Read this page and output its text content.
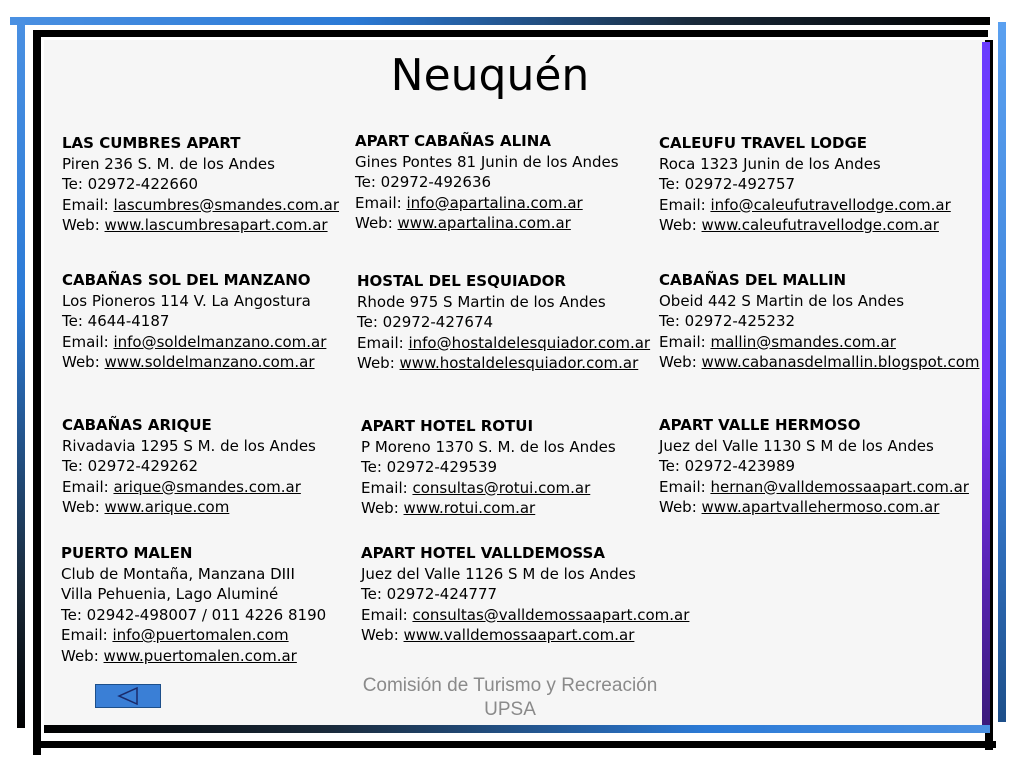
Neuquén
LAS CUMBRES APART
Piren 236 S. M. de los Andes
Te: 02972-422660
Email: lascumbres@smandes.com.ar
Web: www.lascumbresapart.com.ar
APART CABAÑAS ALINA
Gines Pontes 81 Junin de los Andes
Te: 02972-492636
Email: info@apartalina.com.ar
Web: www.apartalina.com.ar
CALEUFU TRAVEL LODGE
Roca 1323 Junin de los Andes
Te: 02972-492757
Email: info@caleufutravellodge.com.ar
Web: www.caleufutravellodge.com.ar
CABAÑAS SOL DEL MANZANO
Los Pioneros 114 V. La Angostura
Te: 4644-4187
Email: info@soldelmanzano.com.ar
Web: www.soldelmanzano.com.ar
HOSTAL DEL ESQUIADOR
Rhode 975 S Martin de los Andes
Te: 02972-427674
Email: info@hostaldelesquiador.com.ar
Web: www.hostaldelesquiador.com.ar
CABAÑAS DEL MALLIN
Obeid 442 S Martin de los Andes
Te: 02972-425232
Email: mallin@smandes.com.ar
Web: www.cabanasdelmallin.blogspot.com
CABAÑAS ARIQUE
Rivadavia 1295 S M. de los Andes
Te: 02972-429262
Email: arique@smandes.com.ar
Web: www.arique.com
APART HOTEL ROTUI
P Moreno 1370 S. M. de los Andes
Te: 02972-429539
Email: consultas@rotui.com.ar
Web: www.rotui.com.ar
APART VALLE HERMOSO
Juez del Valle 1130 S M de los Andes
Te: 02972-423989
Email: hernan@valldemossaapart.com.ar
Web: www.apartvallehermoso.com.ar
PUERTO MALEN
Club de Montaña, Manzana DIII
Villa Pehuenia, Lago Aluminé
Te: 02942-498007 / 011 4226 8190
Email: info@puertomalen.com
Web: www.puertomalen.com.ar
APART HOTEL VALLDEMOSSA
Juez del Valle 1126 S M de los Andes
Te: 02972-424777
Email: consultas@valldemossaapart.com.ar
Web: www.valldemossaapart.com.ar
Comisión de Turismo y Recreación
UPSA
